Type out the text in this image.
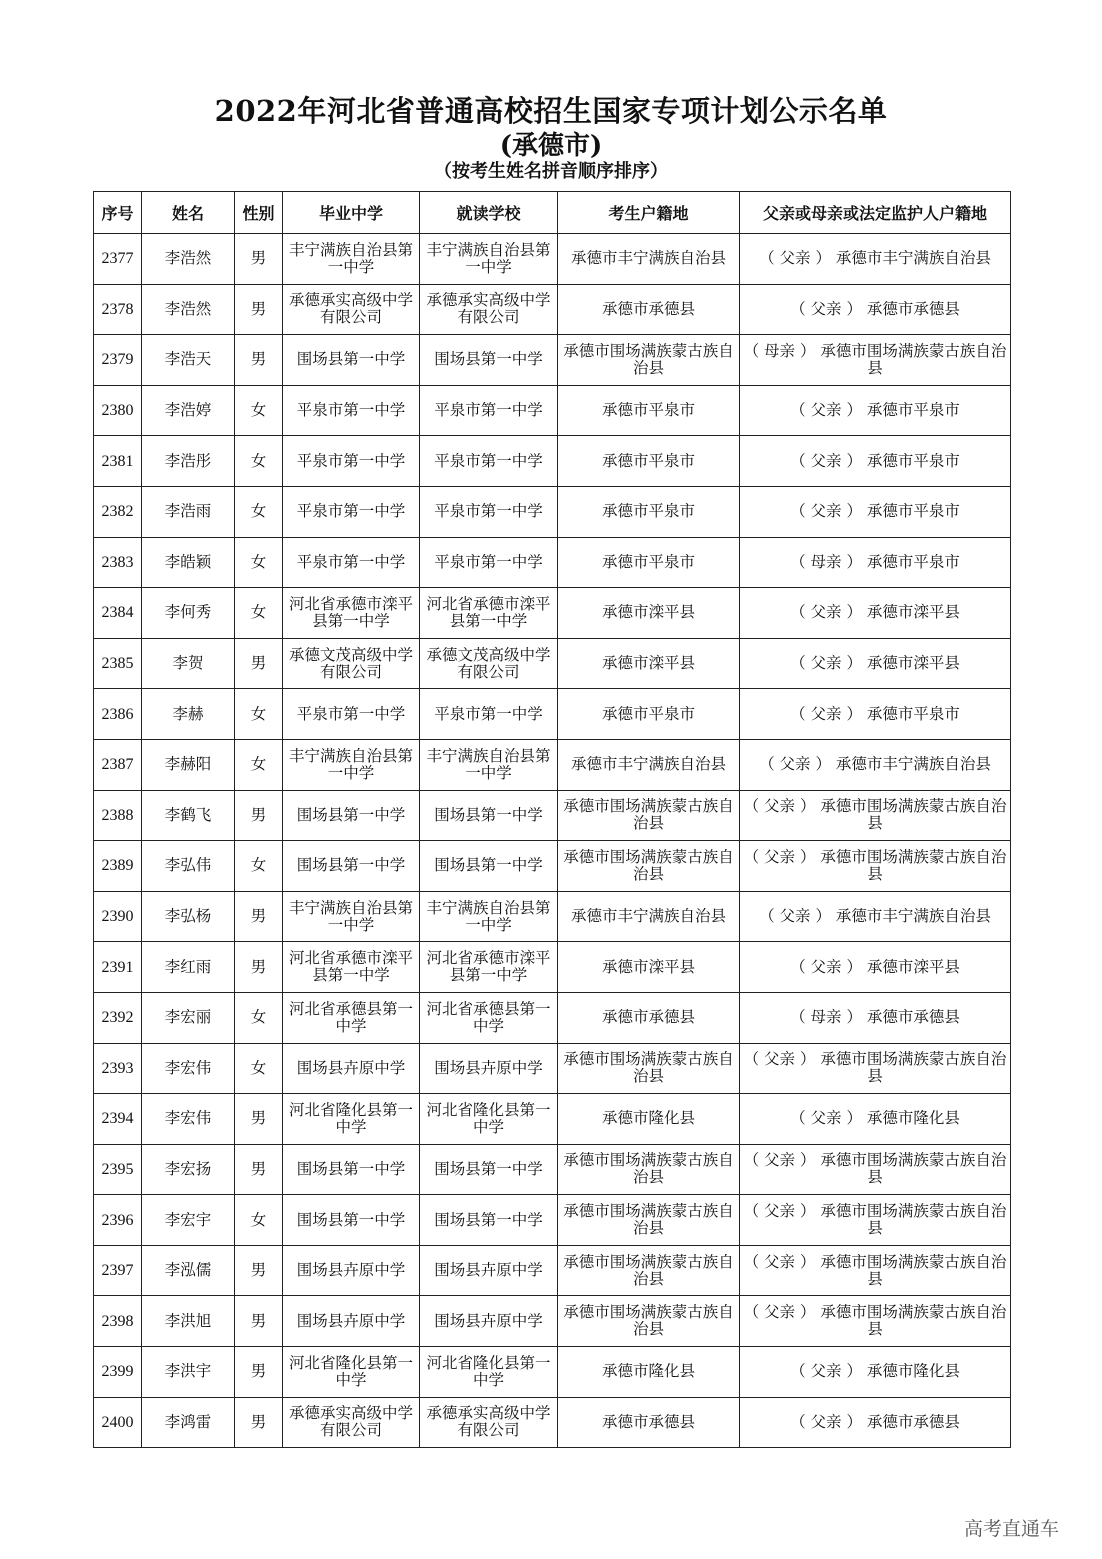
2022年河北省普通高校招生国家专项计划公示名单
(承德市)
（按考生姓名拼音顺序排序）
序号	姓名	性别	毕业中学	就读学校	考生户籍地	父亲或母亲或法定监护人户籍地
2377	李浩然	男	丰宁满族自治县第一中学	丰宁满族自治县第一中学	承德市丰宁满族自治县	（ 父亲 ） 承德市丰宁满族自治县
2378	李浩然	男	承德承实高级中学有限公司	承德承实高级中学有限公司	承德市承德县	（ 父亲 ） 承德市承德县
2379	李浩天	男	围场县第一中学	围场县第一中学	承德市围场满族蒙古族自治县	（ 母亲 ） 承德市围场满族蒙古族自治县
2380	李浩婷	女	平泉市第一中学	平泉市第一中学	承德市平泉市	（ 父亲 ） 承德市平泉市
2381	李浩彤	女	平泉市第一中学	平泉市第一中学	承德市平泉市	（ 父亲 ） 承德市平泉市
2382	李浩雨	女	平泉市第一中学	平泉市第一中学	承德市平泉市	（ 父亲 ） 承德市平泉市
2383	李皓颖	女	平泉市第一中学	平泉市第一中学	承德市平泉市	（ 母亲 ） 承德市平泉市
2384	李何秀	女	河北省承德市滦平县第一中学	河北省承德市滦平县第一中学	承德市滦平县	（ 父亲 ） 承德市滦平县
2385	李贺	男	承德文茂高级中学有限公司	承德文茂高级中学有限公司	承德市滦平县	（ 父亲 ） 承德市滦平县
2386	李赫	女	平泉市第一中学	平泉市第一中学	承德市平泉市	（ 父亲 ） 承德市平泉市
2387	李赫阳	女	丰宁满族自治县第一中学	丰宁满族自治县第一中学	承德市丰宁满族自治县	（ 父亲 ） 承德市丰宁满族自治县
2388	李鹤飞	男	围场县第一中学	围场县第一中学	承德市围场满族蒙古族自治县	（ 父亲 ） 承德市围场满族蒙古族自治县
2389	李弘伟	女	围场县第一中学	围场县第一中学	承德市围场满族蒙古族自治县	（ 父亲 ） 承德市围场满族蒙古族自治县
2390	李弘杨	男	丰宁满族自治县第一中学	丰宁满族自治县第一中学	承德市丰宁满族自治县	（ 父亲 ） 承德市丰宁满族自治县
2391	李红雨	男	河北省承德市滦平县第一中学	河北省承德市滦平县第一中学	承德市滦平县	（ 父亲 ） 承德市滦平县
2392	李宏丽	女	河北省承德县第一中学	河北省承德县第一中学	承德市承德县	（ 母亲 ） 承德市承德县
2393	李宏伟	女	围场县卉原中学	围场县卉原中学	承德市围场满族蒙古族自治县	（ 父亲 ） 承德市围场满族蒙古族自治县
2394	李宏伟	男	河北省隆化县第一中学	河北省隆化县第一中学	承德市隆化县	（ 父亲 ） 承德市隆化县
2395	李宏扬	男	围场县第一中学	围场县第一中学	承德市围场满族蒙古族自治县	（ 父亲 ） 承德市围场满族蒙古族自治县
2396	李宏宇	女	围场县第一中学	围场县第一中学	承德市围场满族蒙古族自治县	（ 父亲 ） 承德市围场满族蒙古族自治县
2397	李泓儒	男	围场县卉原中学	围场县卉原中学	承德市围场满族蒙古族自治县	（ 父亲 ） 承德市围场满族蒙古族自治县
2398	李洪旭	男	围场县卉原中学	围场县卉原中学	承德市围场满族蒙古族自治县	（ 父亲 ） 承德市围场满族蒙古族自治县
2399	李洪宇	男	河北省隆化县第一中学	河北省隆化县第一中学	承德市隆化县	（ 父亲 ） 承德市隆化县
2400	李鸿雷	男	承德承实高级中学有限公司	承德承实高级中学有限公司	承德市承德县	（ 父亲 ） 承德市承德县
高考直通车
